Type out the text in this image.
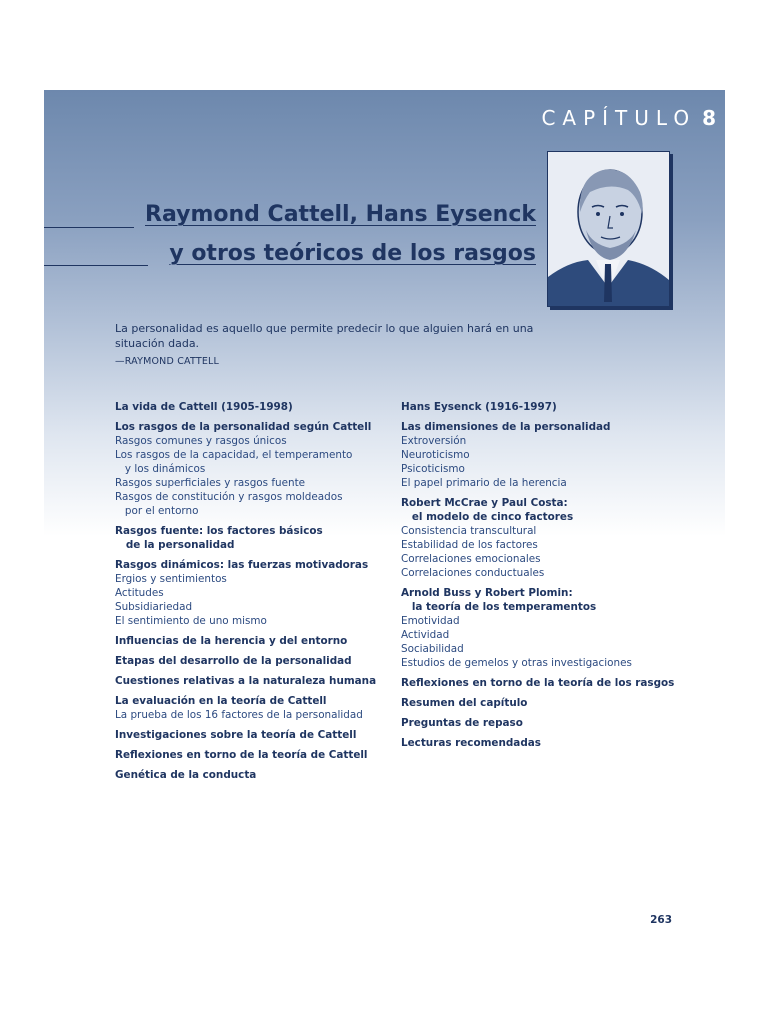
CAPÍTULO 8
Raymond Cattell, Hans Eysenck
y otros teóricos de los rasgos
La personalidad es aquello que permite predecir lo que alguien hará en una situación dada.
—RAYMOND CATTELL
La vida de Cattell (1905-1998)
Los rasgos de la personalidad según Cattell
Rasgos comunes y rasgos únicos
Los rasgos de la capacidad, el temperamento
y los dinámicos
Rasgos superficiales y rasgos fuente
Rasgos de constitución y rasgos moldeados
por el entorno
Rasgos fuente: los factores básicos
de la personalidad
Rasgos dinámicos: las fuerzas motivadoras
Ergios y sentimientos
Actitudes
Subsidiariedad
El sentimiento de uno mismo
Influencias de la herencia y del entorno
Etapas del desarrollo de la personalidad
Cuestiones relativas a la naturaleza humana
La evaluación en la teoría de Cattell
La prueba de los 16 factores de la personalidad
Investigaciones sobre la teoría de Cattell
Reflexiones en torno de la teoría de Cattell
Genética de la conducta
Hans Eysenck (1916-1997)
Las dimensiones de la personalidad
Extroversión
Neuroticismo
Psicoticismo
El papel primario de la herencia
Robert McCrae y Paul Costa:
el modelo de cinco factores
Consistencia transcultural
Estabilidad de los factores
Correlaciones emocionales
Correlaciones conductuales
Arnold Buss y Robert Plomin:
la teoría de los temperamentos
Emotividad
Actividad
Sociabilidad
Estudios de gemelos y otras investigaciones
Reflexiones en torno de la teoría de los rasgos
Resumen del capítulo
Preguntas de repaso
Lecturas recomendadas
263
